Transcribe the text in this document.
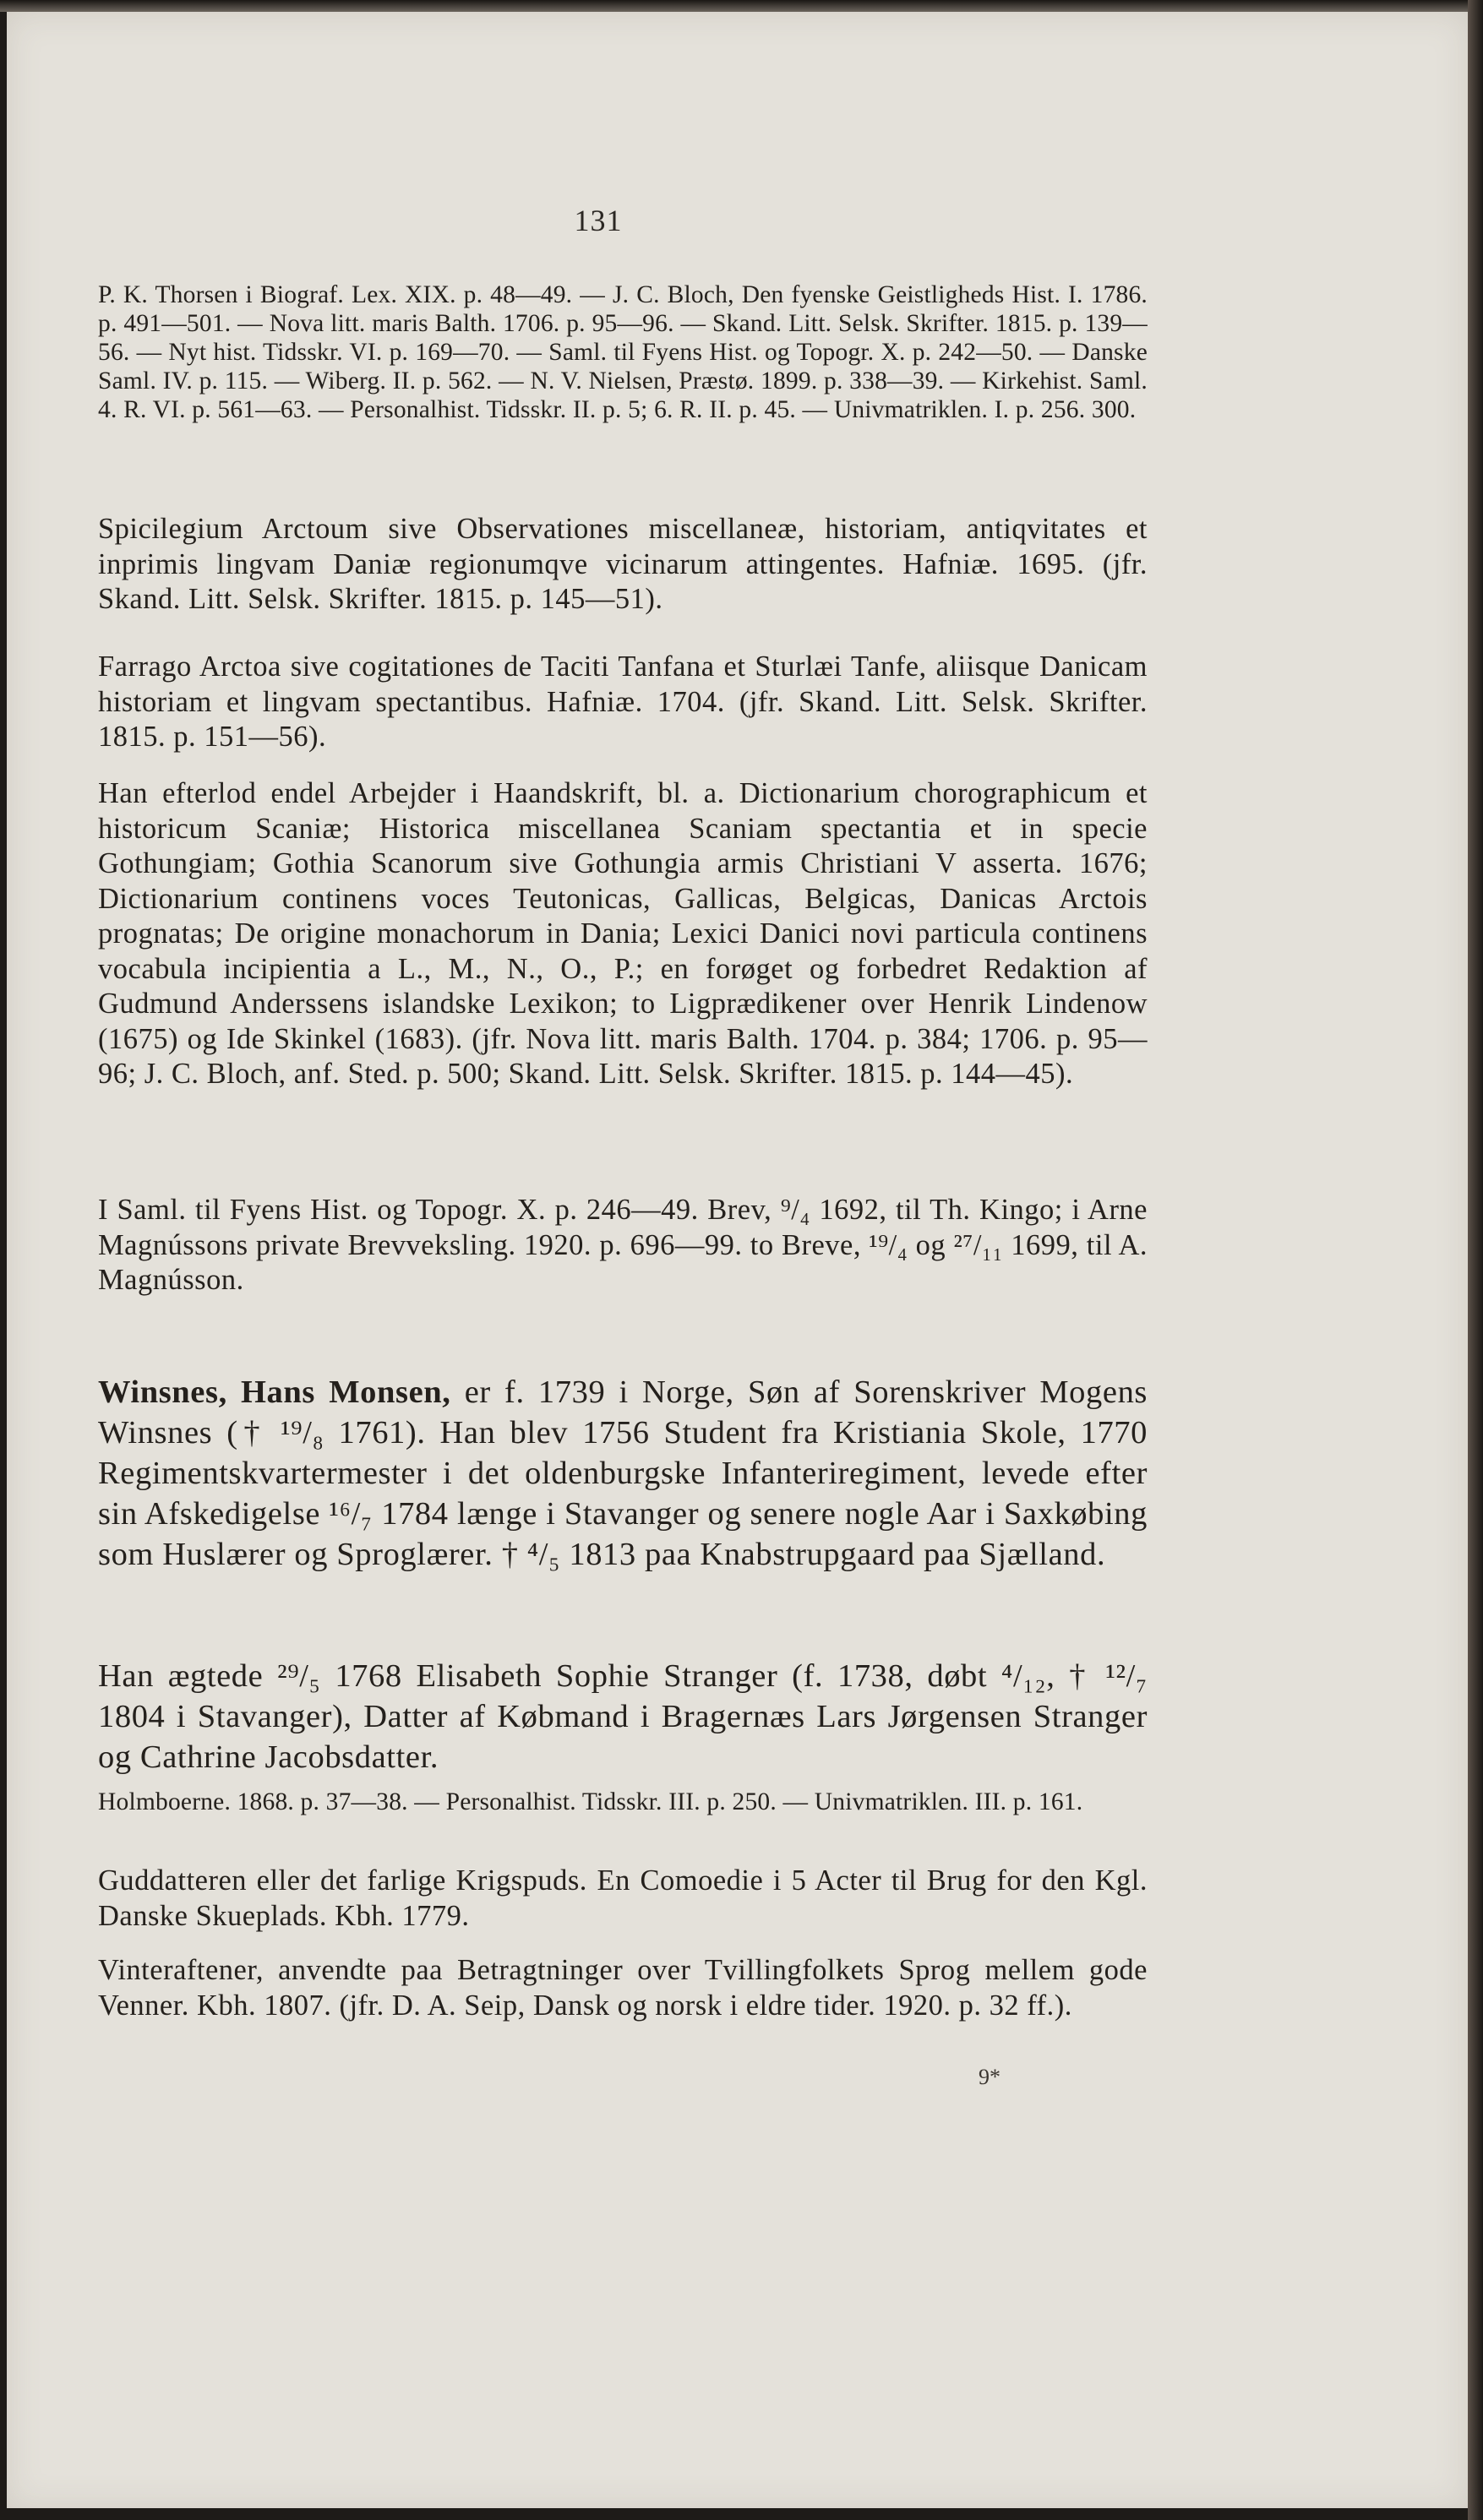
131

P. K. Thorsen i Biograf. Lex. XIX. p. 48—49. — J. C. Bloch, Den fyenske Geistligheds Hist. I. 1786. p. 491—501. — Nova litt. maris Balth. 1706. p. 95—96. — Skand. Litt. Selsk. Skrifter. 1815. p. 139—56. — Nyt hist. Tidsskr. VI. p. 169—70. — Saml. til Fyens Hist. og Topogr. X. p. 242—50. — Danske Saml. IV. p. 115. — Wiberg. II. p. 562. — N. V. Nielsen, Præstø. 1899. p. 338—39. — Kirkehist. Saml. 4. R. VI. p. 561—63. — Personalhist. Tidsskr. II. p. 5; 6. R. II. p. 45. — Univmatriklen. I. p. 256. 300.

Spicilegium Arctoum sive Observationes miscellaneæ, historiam, antiqvitates et inprimis lingvam Daniæ regionumqve vicinarum attingentes. Hafniæ. 1695. (jfr. Skand. Litt. Selsk. Skrifter. 1815. p. 145—51).

Farrago Arctoa sive cogitationes de Taciti Tanfana et Sturlæi Tanfe, aliisque Danicam historiam et lingvam spectantibus. Hafniæ. 1704. (jfr. Skand. Litt. Selsk. Skrifter. 1815. p. 151—56).

Han efterlod endel Arbejder i Haandskrift, bl. a. Dictionarium chorographicum et historicum Scaniæ; Historica miscellanea Scaniam spectantia et in specie Gothungiam; Gothia Scanorum sive Gothungia armis Christiani V asserta. 1676; Dictionarium continens voces Teutonicas, Gallicas, Belgicas, Danicas Arctois prognatas; De origine monachorum in Dania; Lexici Danici novi particula continens vocabula incipientia a L., M., N., O., P.; en forøget og forbedret Redaktion af Gudmund Anderssens islandske Lexikon; to Ligprædikener over Henrik Lindenow (1675) og Ide Skinkel (1683). (jfr. Nova litt. maris Balth. 1704. p. 384; 1706. p. 95—96; J. C. Bloch, anf. Sted. p. 500; Skand. Litt. Selsk. Skrifter. 1815. p. 144—45).

I Saml. til Fyens Hist. og Topogr. X. p. 246—49. Brev, ⁹/₄ 1692, til Th. Kingo; i Arne Magnússons private Brevveksling. 1920. p. 696—99. to Breve, ¹⁹/₄ og ²⁷/₁₁ 1699, til A. Magnússon.

Winsnes, Hans Monsen, er f. 1739 i Norge, Søn af Sorenskriver Mogens Winsnes († ¹⁹/₈ 1761). Han blev 1756 Student fra Kristiania Skole, 1770 Regimentskvartermester i det oldenburgske Infanteriregiment, levede efter sin Afskedigelse ¹⁶/₇ 1784 længe i Stavanger og senere nogle Aar i Saxkøbing som Huslærer og Sproglærer. † ⁴/₅ 1813 paa Knabstrupgaard paa Sjælland.

Han ægtede ²⁹/₅ 1768 Elisabeth Sophie Stranger (f. 1738, døbt ⁴/₁₂, † ¹²/₇ 1804 i Stavanger), Datter af Købmand i Bragernæs Lars Jørgensen Stranger og Cathrine Jacobsdatter.

Holmboerne. 1868. p. 37—38. — Personalhist. Tidsskr. III. p. 250. — Univmatriklen. III. p. 161.

Guddatteren eller det farlige Krigspuds. En Comoedie i 5 Acter til Brug for den Kgl. Danske Skueplads. Kbh. 1779.

Vinteraftener, anvendte paa Betragtninger over Tvillingfolkets Sprog mellem gode Venner. Kbh. 1807. (jfr. D. A. Seip, Dansk og norsk i eldre tider. 1920. p. 32 ff.).

9*
